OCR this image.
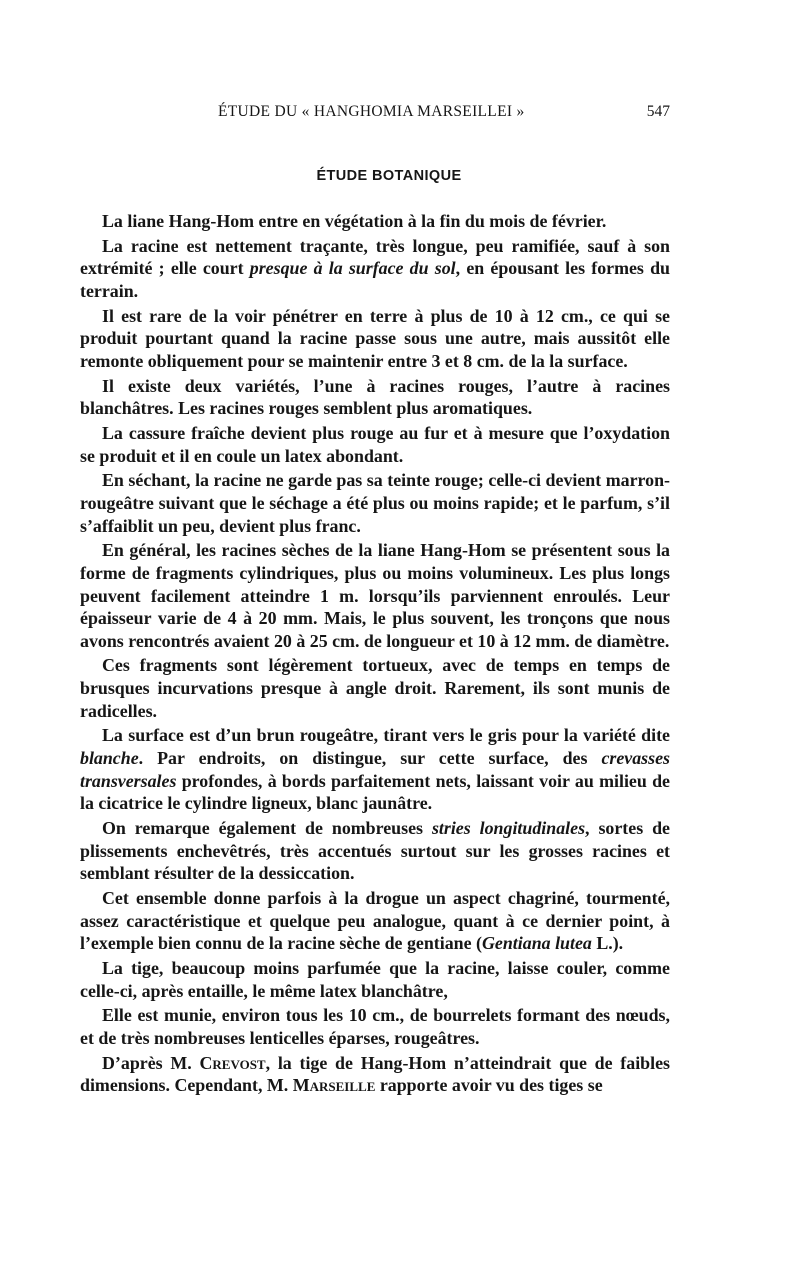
ÉTUDE DU « HANGHOMIA MARSEILLEI »	547
ÉTUDE BOTANIQUE

La liane Hang-Hom entre en végétation à la fin du mois de février.

La racine est nettement traçante, très longue, peu ramifiée, sauf à son extrémité ; elle court presque à la surface du sol, en épousant les formes du terrain.

Il est rare de la voir pénétrer en terre à plus de 10 à 12 cm., ce qui se produit pourtant quand la racine passe sous une autre, mais aussitôt elle remonte obliquement pour se maintenir entre 3 et 8 cm. de la la surface.

Il existe deux variétés, l’une à racines rouges, l’autre à racines blanchâtres. Les racines rouges semblent plus aromatiques.

La cassure fraîche devient plus rouge au fur et à mesure que l’oxydation se produit et il en coule un latex abondant.

En séchant, la racine ne garde pas sa teinte rouge; celle-ci devient marron-rougeâtre suivant que le séchage a été plus ou moins rapide; et le parfum, s’il s’affaiblit un peu, devient plus franc.

En général, les racines sèches de la liane Hang-Hom se présentent sous la forme de fragments cylindriques, plus ou moins volumineux. Les plus longs peuvent facilement atteindre 1 m. lorsqu’ils parviennent enroulés. Leur épaisseur varie de 4 à 20 mm. Mais, le plus souvent, les tronçons que nous avons rencontrés avaient 20 à 25 cm. de longueur et 10 à 12 mm. de diamètre.

Ces fragments sont légèrement tortueux, avec de temps en temps de brusques incurvations presque à angle droit. Rarement, ils sont munis de radicelles.

La surface est d’un brun rougeâtre, tirant vers le gris pour la variété dite blanche. Par endroits, on distingue, sur cette surface, des crevasses transversales profondes, à bords parfaitement nets, laissant voir au milieu de la cicatrice le cylindre ligneux, blanc jaunâtre.

On remarque également de nombreuses stries longitudinales, sortes de plissements enchevêtrés, très accentués surtout sur les grosses racines et semblant résulter de la dessiccation.

Cet ensemble donne parfois à la drogue un aspect chagriné, tourmenté, assez caractéristique et quelque peu analogue, quant à ce dernier point, à l’exemple bien connu de la racine sèche de gentiane (Gentiana lutea L.).

La tige, beaucoup moins parfumée que la racine, laisse couler, comme celle-ci, après entaille, le même latex blanchâtre,

Elle est munie, environ tous les 10 cm., de bourrelets formant des nœuds, et de très nombreuses lenticelles éparses, rougeâtres.

D’après M. Crevost, la tige de Hang-Hom n’atteindrait que de faibles dimensions. Cependant, M. Marseille rapporte avoir vu des tiges se
